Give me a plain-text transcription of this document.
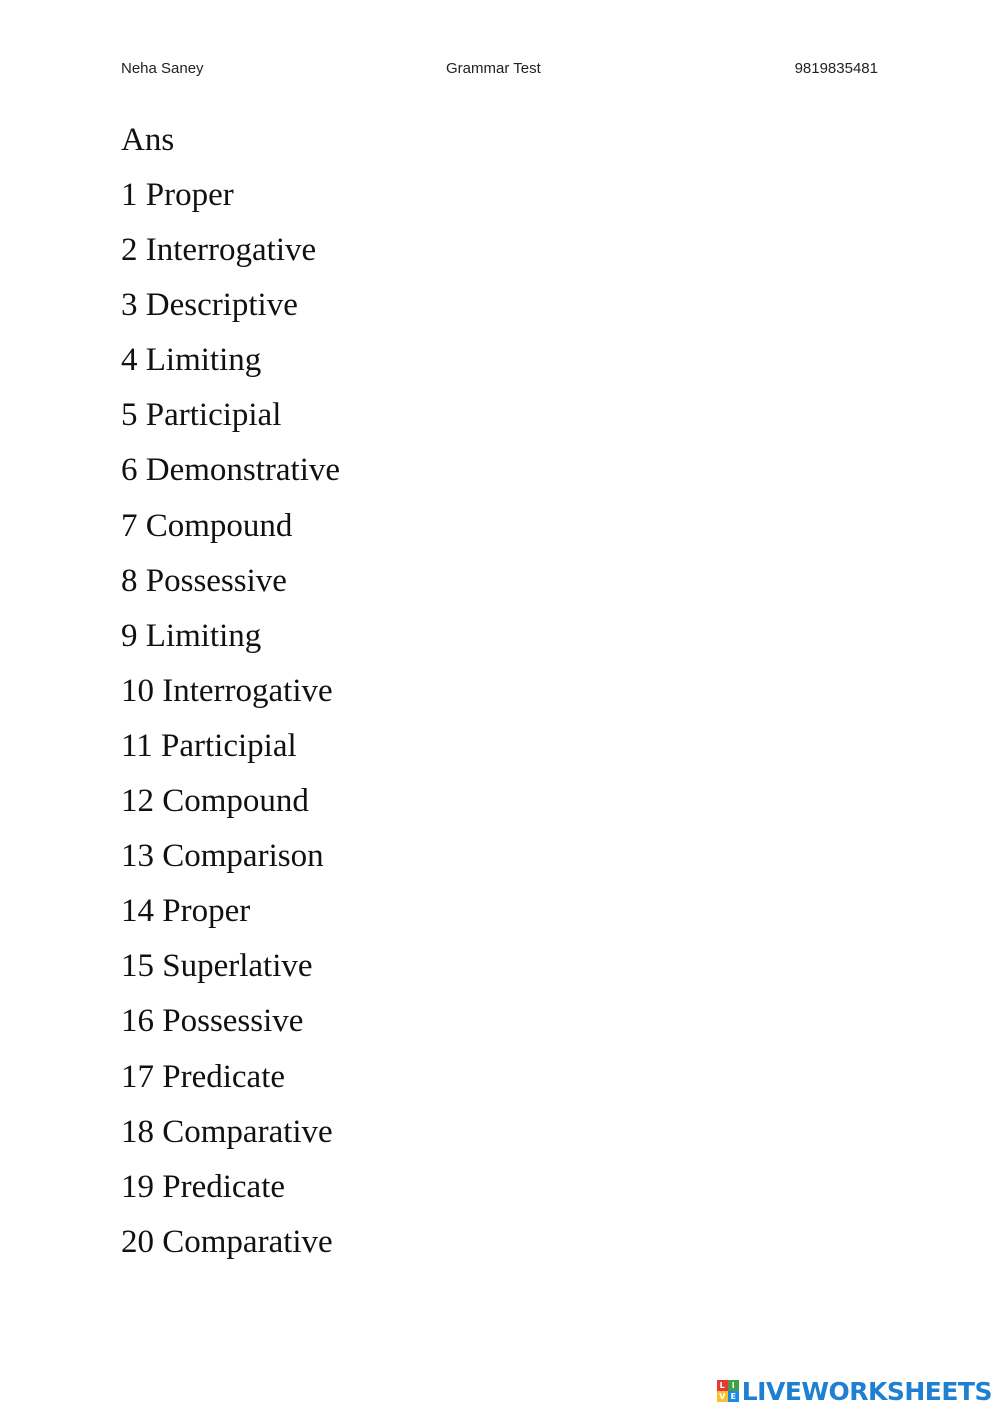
Neha Saney	Grammar Test	9819835481
Ans
1 Proper
2 Interrogative
3 Descriptive
4 Limiting
5 Participial
6 Demonstrative
7 Compound
8 Possessive
9 Limiting
10 Interrogative
11 Participial
12 Compound
13 Comparison
14 Proper
15 Superlative
16 Possessive
17 Predicate
18 Comparative
19 Predicate
20 Comparative
L I
V E LIVEWORKSHEETS
